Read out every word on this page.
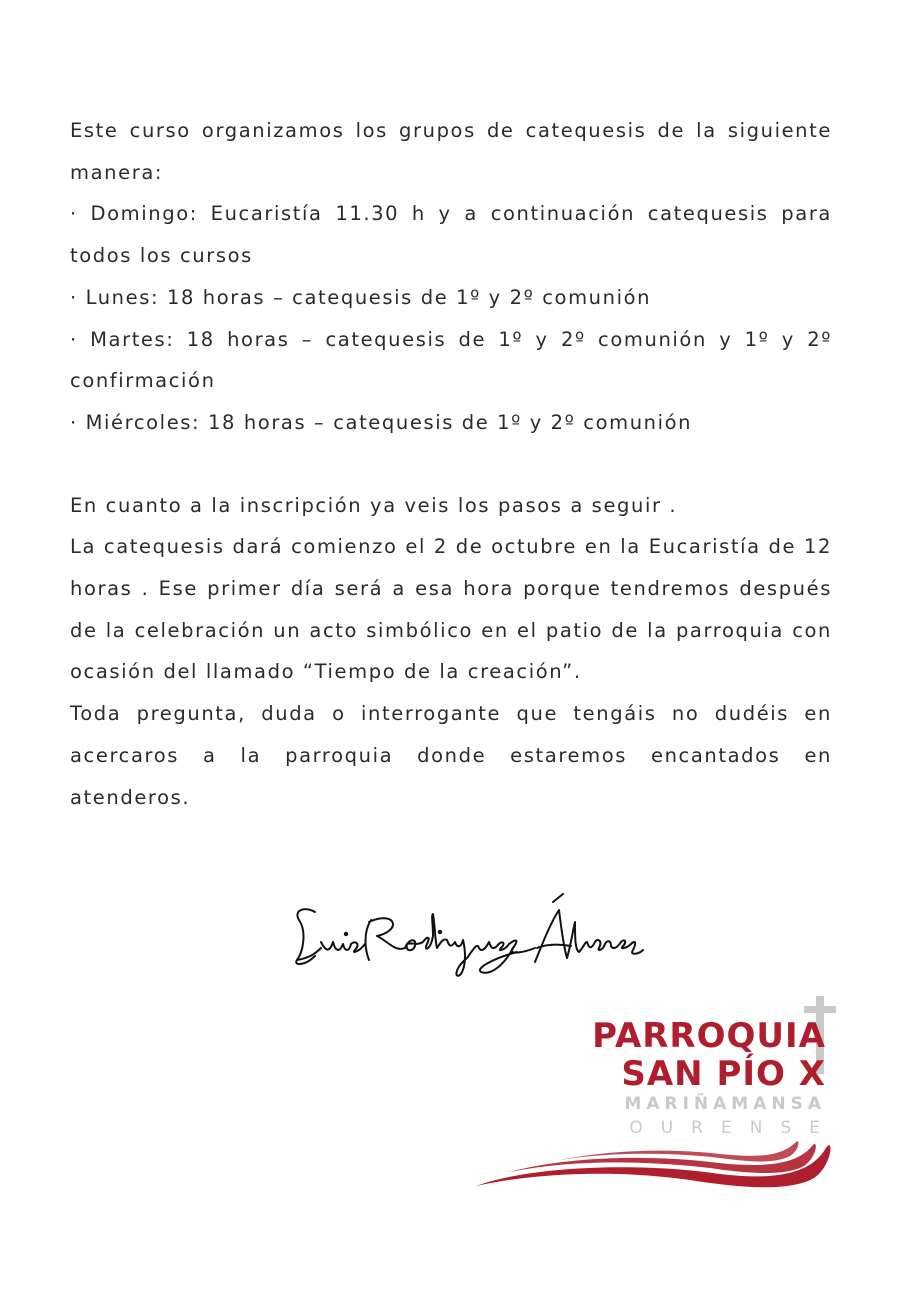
Este curso organizamos los grupos de catequesis de la siguiente manera:

· Domingo: Eucaristía 11.30 h y a continuación catequesis para todos los cursos

· Lunes: 18 horas – catequesis de 1º y 2º comunión

· Martes: 18 horas – catequesis de 1º y 2º comunión y 1º y 2º confirmación

· Miércoles: 18 horas – catequesis de 1º y 2º comunión

En cuanto a la inscripción ya veis los pasos a seguir .

La catequesis dará comienzo el 2 de octubre en la Eucaristía de 12 horas . Ese primer día será a esa hora porque tendremos después de la celebración un acto simbólico en el patio de la parroquia con ocasión del llamado “Tiempo de la creación”.

Toda pregunta, duda o interrogante que tengáis no dudéis en acercaros a la parroquia donde estaremos encantados en atenderos.

PARROQUIA
SAN PÍO X
MARIÑAMANSA
OURENSE
